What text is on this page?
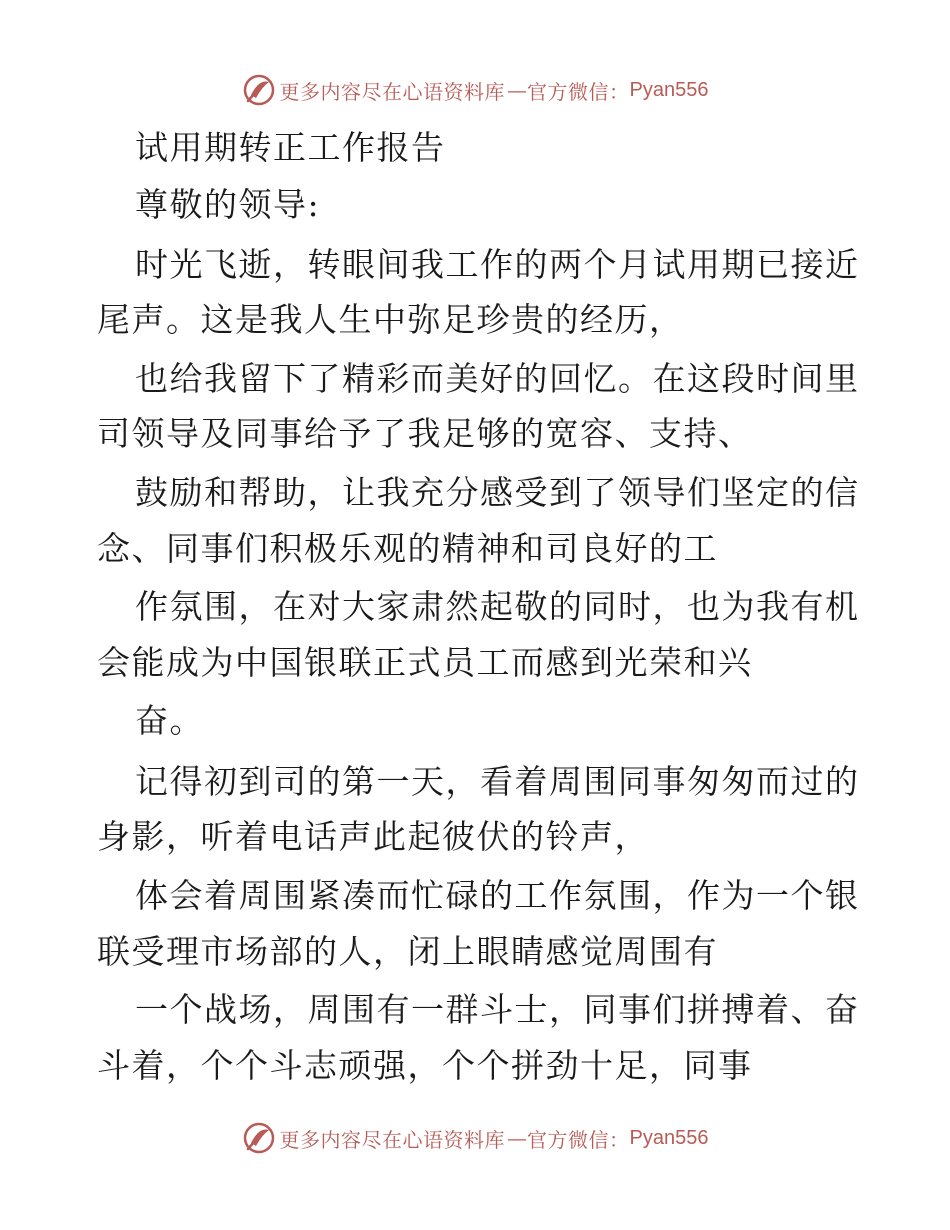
更多内容尽在心语资料库 — 官方微信： Pyan556
试用期转正工作报告
尊敬的领导:
时光飞逝，转眼间我工作的两个月试用期已接近
尾声。这是我人生中弥足珍贵的经历，
也给我留下了精彩而美好的回忆。在这段时间里
司领导及同事给予了我足够的宽容、支持、
鼓励和帮助，让我充分感受到了领导们坚定的信
念、同事们积极乐观的精神和司良好的工
作氛围，在对大家肃然起敬的同时，也为我有机
会能成为中国银联正式员工而感到光荣和兴
奋。
记得初到司的第一天，看着周围同事匆匆而过的
身影，听着电话声此起彼伏的铃声，
体会着周围紧凑而忙碌的工作氛围，作为一个银
联受理市场部的人，闭上眼睛感觉周围有
一个战场，周围有一群斗士，同事们拼搏着、奋
斗着，个个斗志顽强，个个拼劲十足，同事
更多内容尽在心语资料库 — 官方微信： Pyan556
